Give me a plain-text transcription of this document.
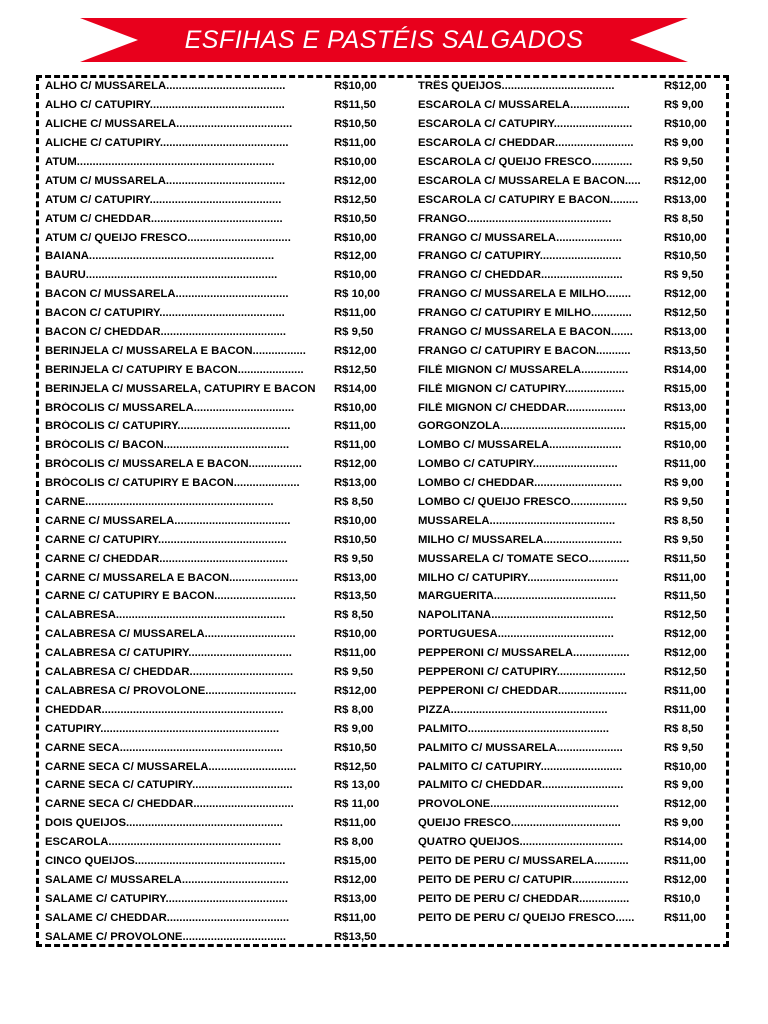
ESFIHAS E PASTÉIS SALGADOS
ALHO C/ MUSSARELA......................................	R$10,00
ALHO C/ CATUPIRY...........................................	R$11,50
ALICHE C/ MUSSARELA.....................................	R$10,50
ALICHE C/ CATUPIRY.........................................	R$11,00
ATUM...............................................................	R$10,00
ATUM C/ MUSSARELA......................................	R$12,00
ATUM C/ CATUPIRY..........................................	R$12,50
ATUM C/ CHEDDAR..........................................	R$10,50
ATUM C/ QUEIJO FRESCO.................................	R$10,00
BAIANA...........................................................	R$12,00
BAURU.............................................................	R$10,00
BACON C/ MUSSARELA....................................	R$ 10,00
BACON C/ CATUPIRY........................................	R$11,00
BACON C/ CHEDDAR........................................	R$ 9,50
BERINJELA C/ MUSSARELA E BACON.................	R$12,00
BERINJELA C/ CATUPIRY E BACON.....................	R$12,50
BERINJELA C/ MUSSARELA, CATUPIRY E BACON	R$14,00
BRÓCOLIS C/ MUSSARELA................................	R$10,00
BRÓCOLIS C/ CATUPIRY....................................	R$11,00
BRÓCOLIS C/ BACON........................................	R$11,00
BRÓCOLIS C/ MUSSARELA E BACON.................	R$12,00
BRÓCOLIS C/ CATUPIRY E BACON.....................	R$13,00
CARNE............................................................	R$ 8,50
CARNE C/ MUSSARELA.....................................	R$10,00
CARNE C/ CATUPIRY.........................................	R$10,50
CARNE C/ CHEDDAR.........................................	R$ 9,50
CARNE C/ MUSSARELA E BACON......................	R$13,00
CARNE C/ CATUPIRY E BACON..........................	R$13,50
CALABRESA......................................................	R$ 8,50
CALABRESA C/ MUSSARELA.............................	R$10,00
CALABRESA C/ CATUPIRY.................................	R$11,00
CALABRESA C/ CHEDDAR.................................	R$ 9,50
CALABRESA C/ PROVOLONE.............................	R$12,00
CHEDDAR..........................................................	R$ 8,00
CATUPIRY.........................................................	R$ 9,00
CARNE SECA....................................................	R$10,50
CARNE SECA C/ MUSSARELA............................	R$12,50
CARNE SECA C/ CATUPIRY................................	R$ 13,00
CARNE SECA C/ CHEDDAR................................	R$ 11,00
DOIS QUEIJOS..................................................	R$11,00
ESCAROLA.......................................................	R$ 8,00
CINCO QUEIJOS................................................	R$15,00
SALAME C/ MUSSARELA..................................	R$12,00
SALAME C/ CATUPIRY.......................................	R$13,00
SALAME C/ CHEDDAR.......................................	R$11,00
SALAME C/ PROVOLONE.................................	R$13,50
TRÊS QUEIJOS....................................	R$12,00
ESCAROLA C/ MUSSARELA...................	R$ 9,00
ESCAROLA C/ CATUPIRY.........................	R$10,00
ESCAROLA C/ CHEDDAR.........................	R$ 9,00
ESCAROLA C/ QUEIJO FRESCO.............	R$ 9,50
ESCAROLA C/ MUSSARELA E BACON.....	R$12,00
ESCAROLA C/ CATUPIRY E BACON.........	R$13,00
FRANGO..............................................	R$ 8,50
FRANGO C/ MUSSARELA.....................	R$10,00
FRANGO C/ CATUPIRY..........................	R$10,50
FRANGO C/ CHEDDAR..........................	R$ 9,50
FRANGO C/ MUSSARELA E MILHO........	R$12,00
FRANGO C/ CATUPIRY E MILHO.............	R$12,50
FRANGO C/ MUSSARELA E BACON.......	R$13,00
FRANGO C/ CATUPIRY E BACON...........	R$13,50
FILÉ MIGNON C/ MUSSARELA...............	R$14,00
FILÉ MIGNON C/ CATUPIRY...................	R$15,00
FILÉ MIGNON C/ CHEDDAR...................	R$13,00
GORGONZOLA........................................	R$15,00
LOMBO C/ MUSSARELA.......................	R$10,00
LOMBO C/ CATUPIRY...........................	R$11,00
LOMBO C/ CHEDDAR............................	R$ 9,00
LOMBO C/ QUEIJO FRESCO..................	R$ 9,50
MUSSARELA........................................	R$ 8,50
MILHO C/ MUSSARELA.........................	R$ 9,50
MUSSARELA C/ TOMATE SECO.............	R$11,50
MILHO C/ CATUPIRY.............................	R$11,00
MARGUERITA.......................................	R$11,50
NAPOLITANA.......................................	R$12,50
PORTUGUESA.....................................	R$12,00
PEPPERONI C/ MUSSARELA..................	R$12,00
PEPPERONI C/ CATUPIRY......................	R$12,50
PEPPERONI C/ CHEDDAR......................	R$11,00
PIZZA..................................................	R$11,00
PALMITO.............................................	R$ 8,50
PALMITO C/ MUSSARELA.....................	R$ 9,50
PALMITO C/ CATUPIRY..........................	R$10,00
PALMITO C/ CHEDDAR..........................	R$ 9,00
PROVOLONE.........................................	R$12,00
QUEIJO FRESCO...................................	R$ 9,00
QUATRO QUEIJOS.................................	R$14,00
PEITO DE PERU C/ MUSSARELA...........	R$11,00
PEITO DE PERU C/ CATUPIR..................	R$12,00
PEITO DE PERU C/ CHEDDAR................	R$10,0
PEITO DE PERU C/ QUEIJO FRESCO......	R$11,00
